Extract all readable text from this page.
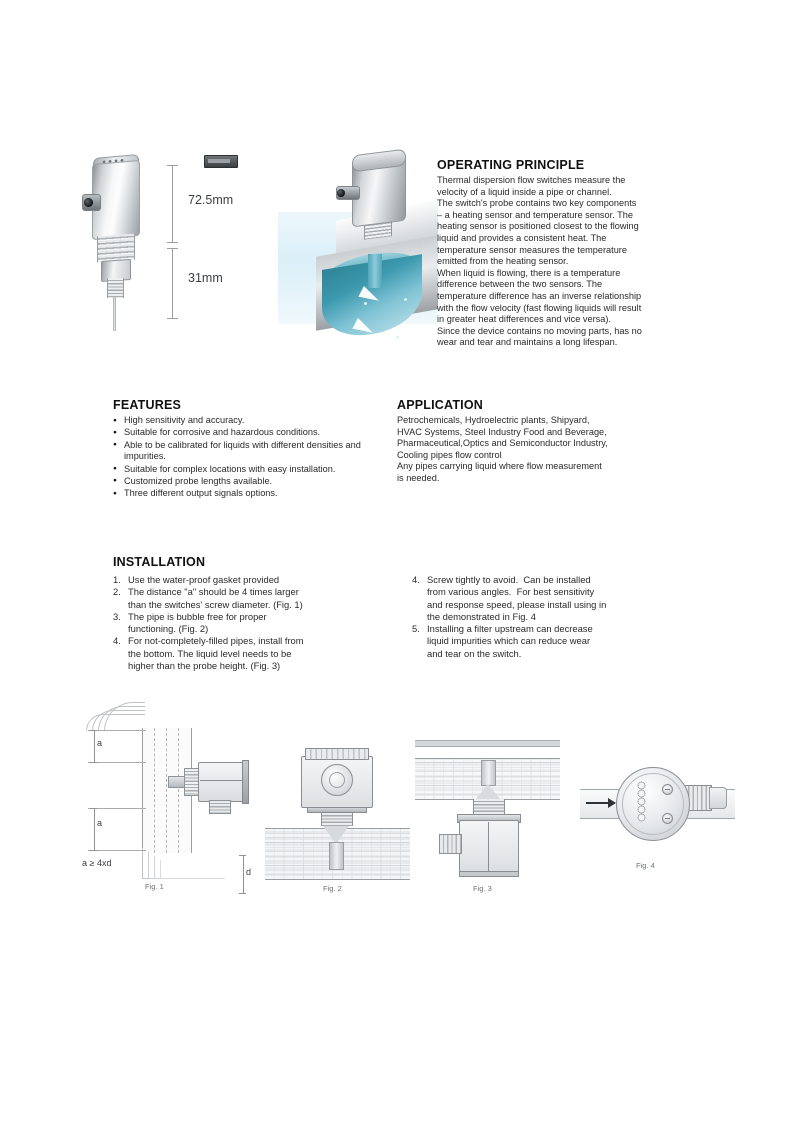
72.5mm
31mm
OPERATING PRINCIPLE

Thermal dispersion flow switches measure the
velocity of a liquid inside a pipe or channel.
The switch's probe contains two key components
– a heating sensor and temperature sensor. The
heating sensor is positioned closest to the flowing
liquid and provides a consistent heat. The
temperature sensor measures the temperature
emitted from the heating sensor.
When liquid is flowing, there is a temperature
difference between the two sensors. The
temperature difference has an inverse relationship
with the flow velocity (fast flowing liquids will result
in greater heat differences and vice versa).
Since the device contains no moving parts, has no
wear and tear and maintains a long lifespan.

FEATURES
● High sensitivity and accuracy.
● Suitable for corrosive and hazardous conditions.
● Able to be calibrated for liquids with different densities and impurities.
● Suitable for complex locations with easy installation.
● Customized probe lengths available.
● Three different output signals options.
APPLICATION

Petrochemicals, Hydroelectric plants, Shipyard,
HVAC Systems, Steel Industry Food and Beverage,
Pharmaceutical,Optics and Semiconductor Industry,
Cooling pipes flow control
Any pipes carrying liquid where flow measurement
is needed.

INSTALLATION
1. Use the water-proof gasket provided
2. The distance "a" should be 4 times larger
than the switches' screw diameter. (Fig. 1)
3. The pipe is bubble free for proper
functioning. (Fig. 2)
4. For not-completely-filled pipes, install from
the bottom. The liquid level needs to be
higher than the probe height. (Fig. 3)
4. Screw tightly to avoid.  Can be installed
from various angles.  For best sensitivity
and response speed, please install using in
the demonstrated in Fig. 4
5. Installing a filter upstream can decrease
liquid impurities which can reduce wear
and tear on the switch.
a
a
a ≥ 4xd
d
Fig. 1	Fig. 2	Fig. 3
Fig. 4
